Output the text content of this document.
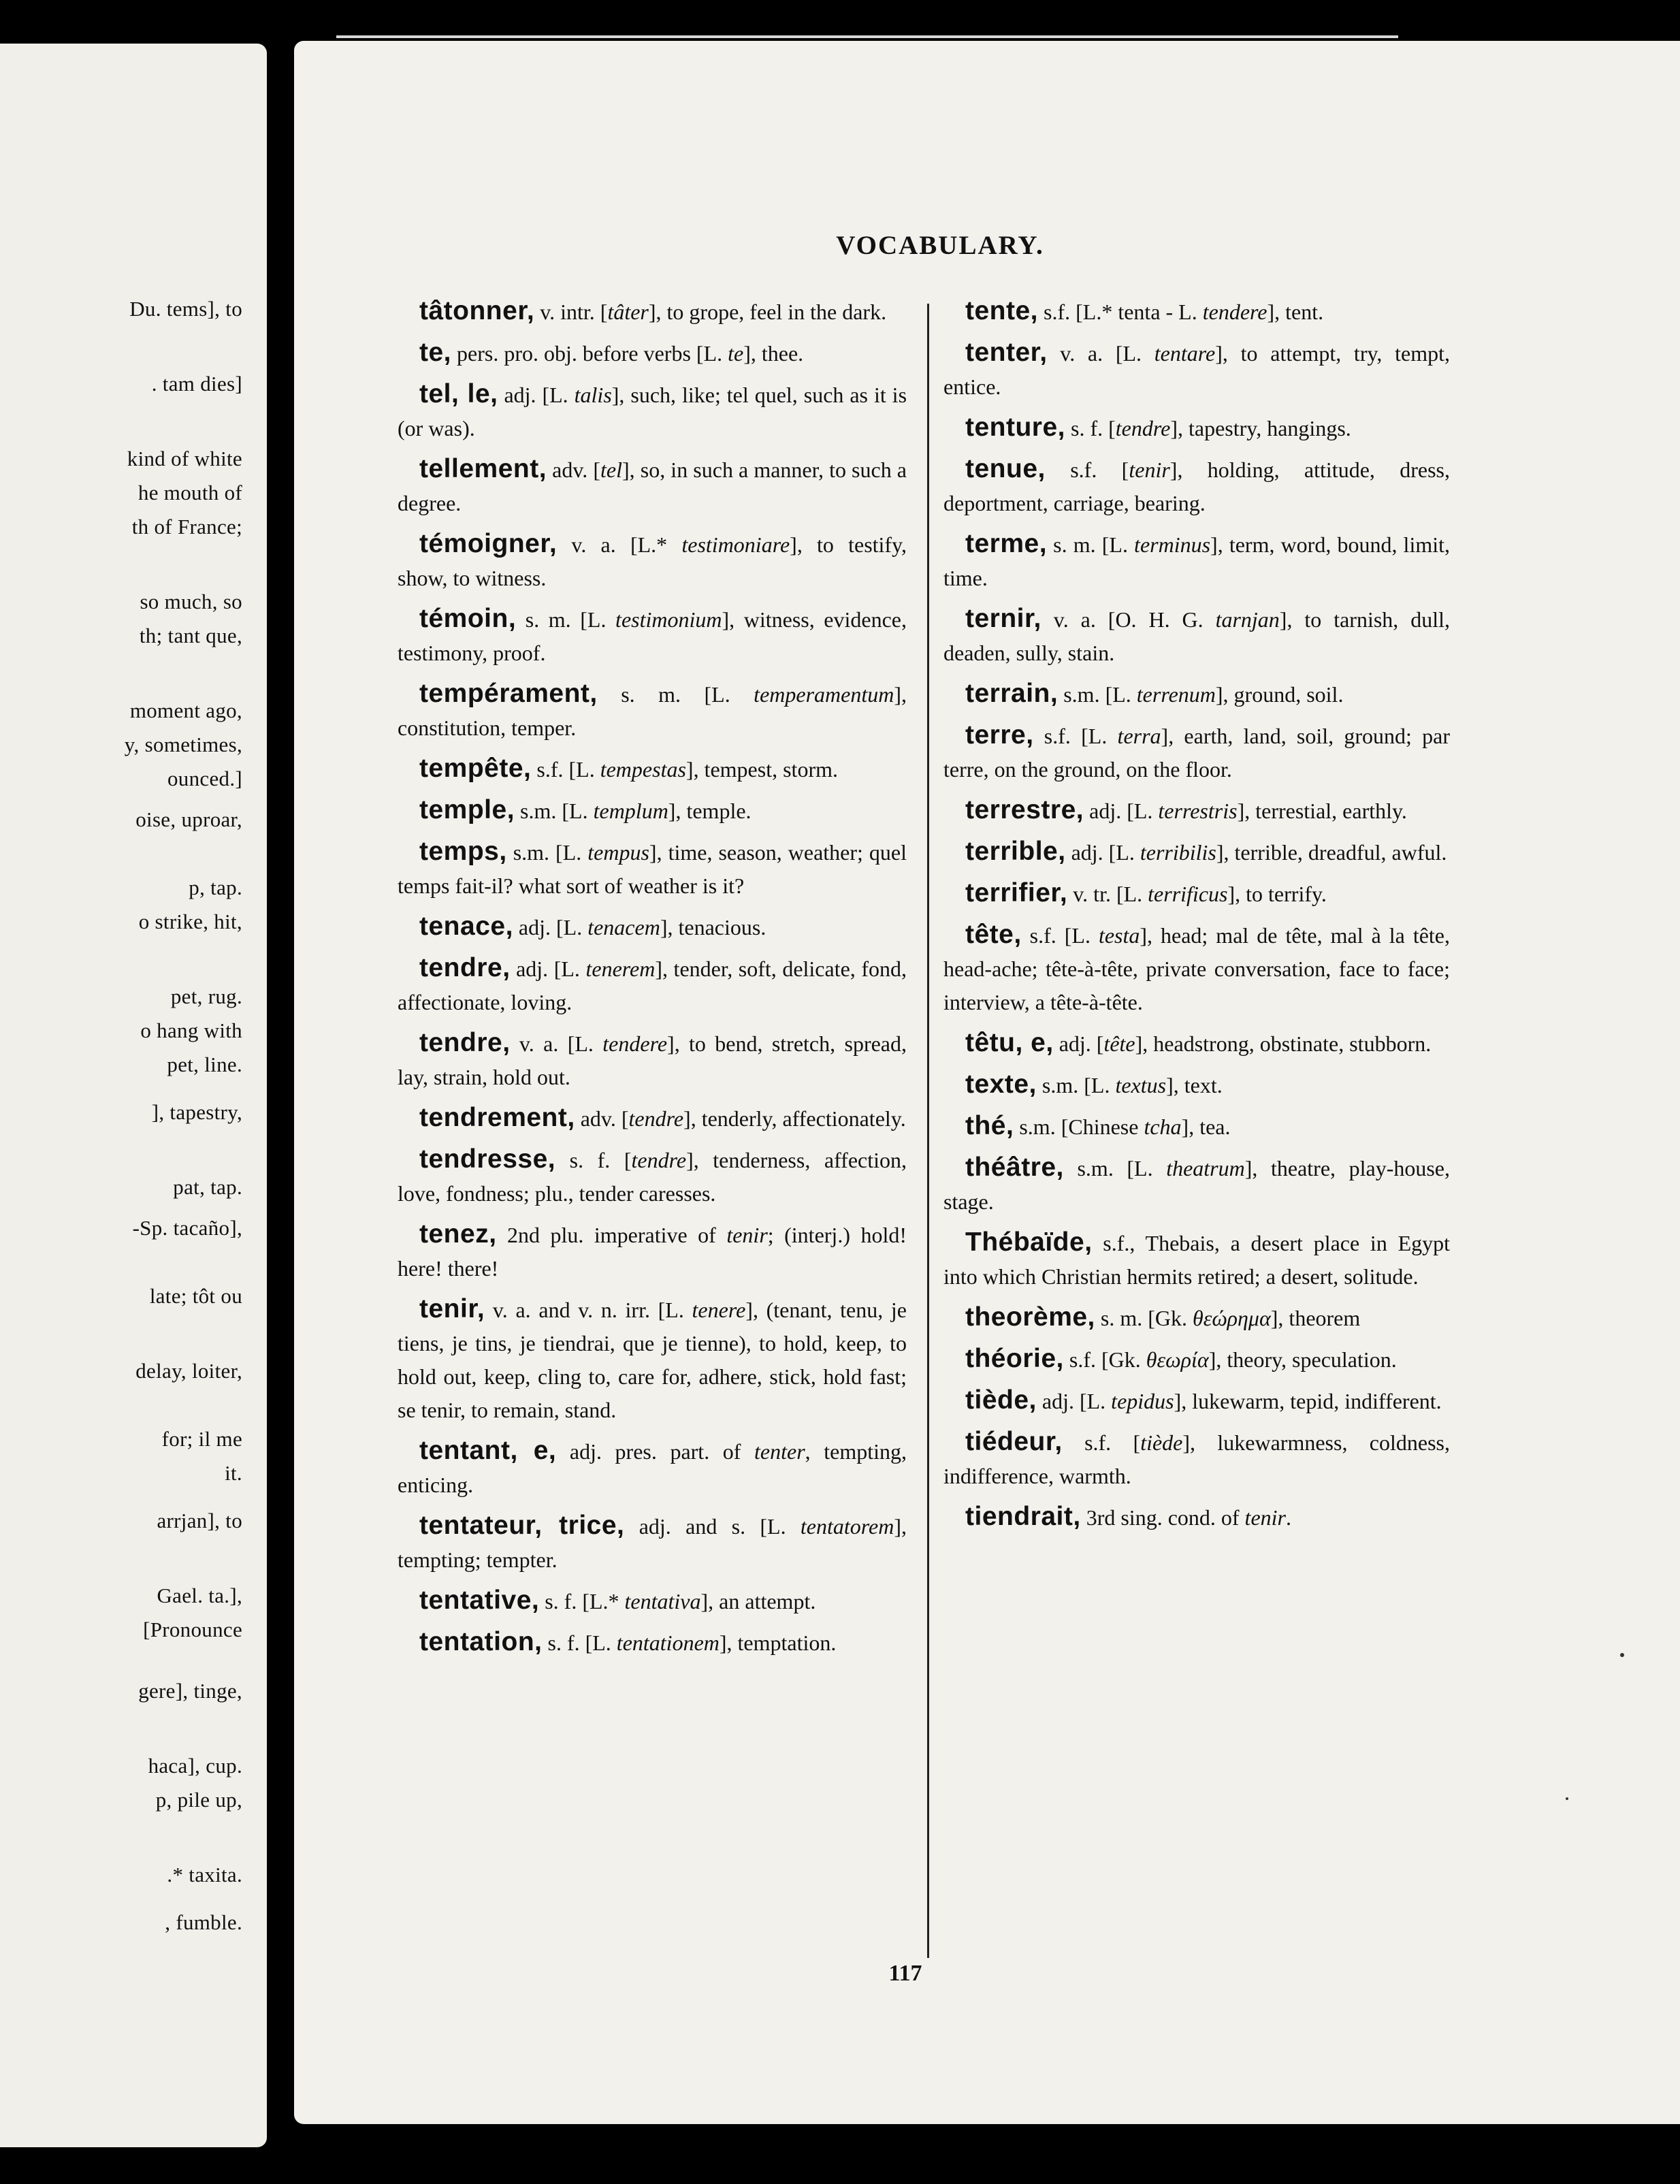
Du. tems], to
. tam dies]
kind of white
he mouth of
th of France;
so much, so
th; tant que,
moment ago,
y, sometimes,
ounced.]
oise, uproar,
p, tap.
o strike, hit,
pet, rug.
o hang with
pet, line.
], tapestry,
pat, tap.
-Sp. tacaño],
late; tôt ou
delay, loiter,
for; il me
it.
arrjan], to
Gael. ta.],
[Pronounce
gere], tinge,
haca], cup.
p, pile up,
.* taxita.
, fumble.
VOCABULARY.
tâtonner, v. intr. [tâter], to grope, feel in the dark.
te, pers. pro. obj. before verbs [L. te], thee.
tel, le, adj. [L. talis], such, like; tel quel, such as it is (or was).
tellement, adv. [tel], so, in such a manner, to such a degree.
témoigner, v. a. [L.* testimoniare], to testify, show, to witness.
témoin, s. m. [L. testimonium], witness, evidence, testimony, proof.
tempérament, s. m. [L. temperamentum], constitution, temper.
tempête, s.f. [L. tempestas], tempest, storm.
temple, s.m. [L. templum], temple.
temps, s.m. [L. tempus], time, season, weather; quel temps fait-il? what sort of weather is it?
tenace, adj. [L. tenacem], tenacious.
tendre, adj. [L. tenerem], tender, soft, delicate, fond, affectionate, loving.
tendre, v. a. [L. tendere], to bend, stretch, spread, lay, strain, hold out.
tendrement, adv. [tendre], tenderly, affectionately.
tendresse, s. f. [tendre], tenderness, affection, love, fondness; plu., tender caresses.
tenez, 2nd plu. imperative of tenir; (interj.) hold! here! there!
tenir, v. a. and v. n. irr. [L. tenere], (tenant, tenu, je tiens, je tins, je tiendrai, que je tienne), to hold, keep, to hold out, keep, cling to, care for, adhere, stick, hold fast; se tenir, to remain, stand.
tentant, e, adj. pres. part. of tenter, tempting, enticing.
tentateur, trice, adj. and s. [L. tentatorem], tempting; tempter.
tentative, s. f. [L.* tentativa], an attempt.
tentation, s. f. [L. tentationem], temptation.
tente, s.f. [L.* tenta - L. tendere], tent.
tenter, v. a. [L. tentare], to attempt, try, tempt, entice.
tenture, s. f. [tendre], tapestry, hangings.
tenue, s.f. [tenir], holding, attitude, dress, deportment, carriage, bearing.
terme, s. m. [L. terminus], term, word, bound, limit, time.
ternir, v. a. [O. H. G. tarnjan], to tarnish, dull, deaden, sully, stain.
terrain, s.m. [L. terrenum], ground, soil.
terre, s.f. [L. terra], earth, land, soil, ground; par terre, on the ground, on the floor.
terrestre, adj. [L. terrestris], terrestial, earthly.
terrible, adj. [L. terribilis], terrible, dreadful, awful.
terrifier, v. tr. [L. terrificus], to terrify.
tête, s.f. [L. testa], head; mal de tête, mal à la tête, head-ache; tête-à-tête, private conversation, face to face; interview, a tête-à-tête.
têtu, e, adj. [tête], headstrong, obstinate, stubborn.
texte, s.m. [L. textus], text.
thé, s.m. [Chinese tcha], tea.
théâtre, s.m. [L. theatrum], theatre, play-house, stage.
Thébaïde, s.f., Thebais, a desert place in Egypt into which Christian hermits retired; a desert, solitude.
theorème, s. m. [Gk. θεώρημα], theorem
théorie, s.f. [Gk. θεωρία], theory, speculation.
tiède, adj. [L. tepidus], lukewarm, tepid, indifferent.
tiédeur, s.f. [tiède], lukewarmness, coldness, indifference, warmth.
tiendrait, 3rd sing. cond. of tenir.
117
